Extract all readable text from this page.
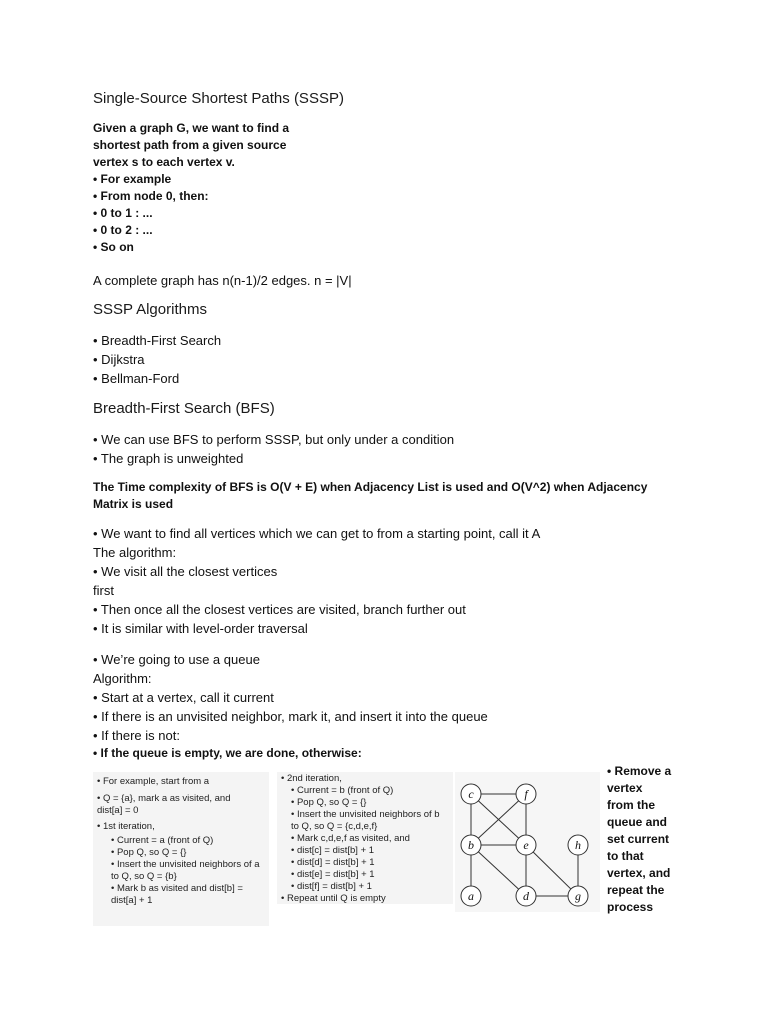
Single-Source Shortest Paths (SSSP)
Given a graph G, we want to find a
shortest path from a given source
vertex s to each vertex v.
• For example
• From node 0, then:
• 0 to 1 : ...
• 0 to 2 : ...
• So on
A complete graph has n(n-1)/2 edges. n = |V|
SSSP Algorithms
• Breadth-First Search
• Dijkstra
• Bellman-Ford
Breadth-First Search (BFS)
• We can use BFS to perform SSSP, but only under a condition
• The graph is unweighted
The Time complexity of BFS is O(V + E) when Adjacency List is used and O(V^2) when Adjacency
Matrix is used
• We want to find all vertices which we can get to from a starting point, call it A
The algorithm:
• We visit all the closest vertices
first
• Then once all the closest vertices are visited, branch further out
• It is similar with level-order traversal
• We’re going to use a queue
Algorithm:
• Start at a vertex, call it current
• If there is an unvisited neighbor, mark it, and insert it into the queue
• If there is not:
• If the queue is empty, we are done, otherwise:
• For example, start from a
• Q = {a}, mark a as visited, and
dist[a] = 0
• 1st iteration,
• Current = a (front of Q)
• Pop Q, so Q = {}
• Insert the unvisited neighbors of a
to Q, so Q = {b}
• Mark b as visited and dist[b] =
dist[a] + 1
• 2nd iteration,
• Current = b (front of Q)
• Pop Q, so Q = {}
• Insert the unvisited neighbors of b
to Q, so Q = {c,d,e,f}
• Mark c,d,e,f as visited, and
• dist[c] = dist[b] + 1
• dist[d] = dist[b] + 1
• dist[e] = dist[b] + 1
• dist[f] = dist[b] + 1
• Repeat until Q is empty
c	f
b	e	h
a	d	g
• Remove a
vertex
from the
queue and
set current
to that
vertex, and
repeat the
process
